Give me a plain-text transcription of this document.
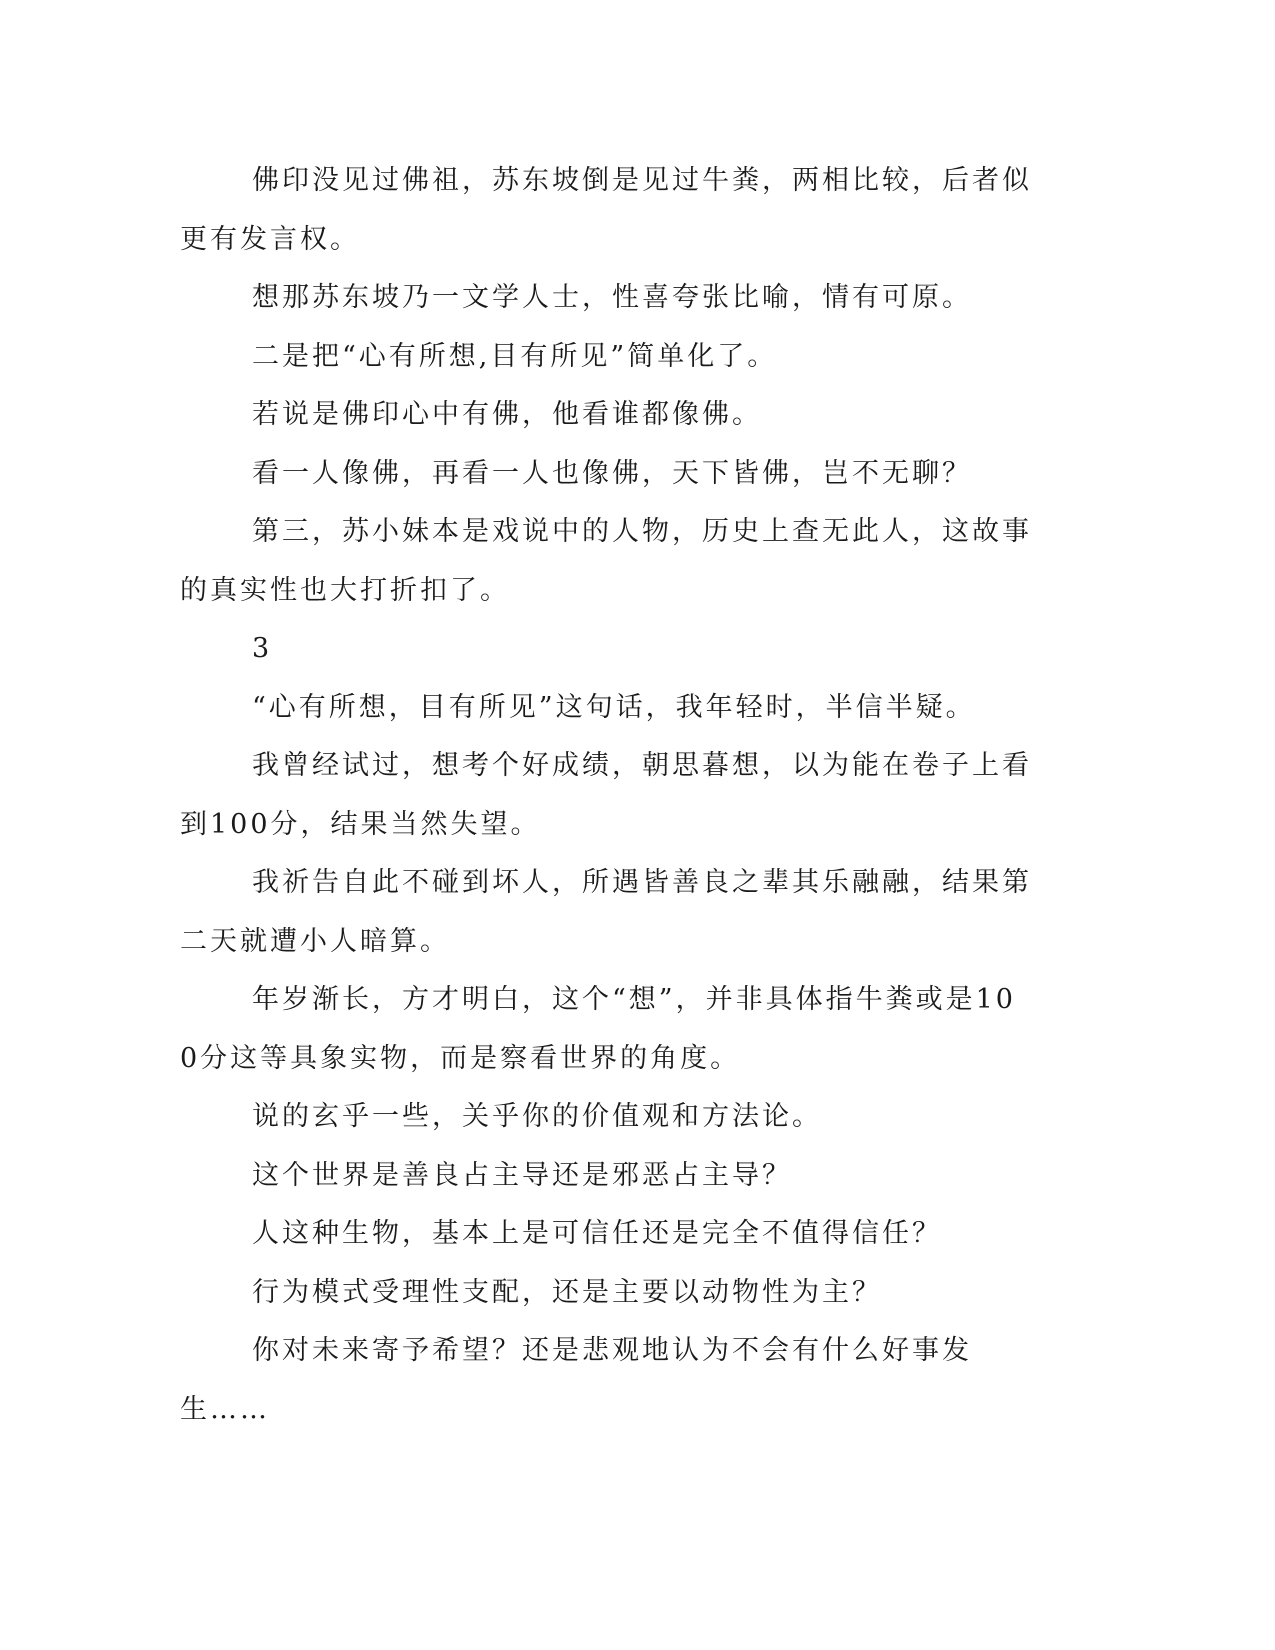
佛印没见过佛祖，苏东坡倒是见过牛粪，两相比较，后者似更有发言权。

想那苏东坡乃一文学人士，性喜夸张比喻，情有可原。

二是把“心有所想,目有所见”简单化了。

若说是佛印心中有佛，他看谁都像佛。

看一人像佛，再看一人也像佛，天下皆佛，岂不无聊？

第三，苏小妹本是戏说中的人物，历史上查无此人，这故事的真实性也大打折扣了。

3

“心有所想，目有所见”这句话，我年轻时，半信半疑。

我曾经试过，想考个好成绩，朝思暮想，以为能在卷子上看到100分，结果当然失望。

我祈告自此不碰到坏人，所遇皆善良之辈其乐融融，结果第二天就遭小人暗算。

年岁渐长，方才明白，这个“想”，并非具体指牛粪或是100分这等具象实物，而是察看世界的角度。

说的玄乎一些，关乎你的价值观和方法论。

这个世界是善良占主导还是邪恶占主导？

人这种生物，基本上是可信任还是完全不值得信任？

行为模式受理性支配，还是主要以动物性为主？

你对未来寄予希望？还是悲观地认为不会有什么好事发生……
